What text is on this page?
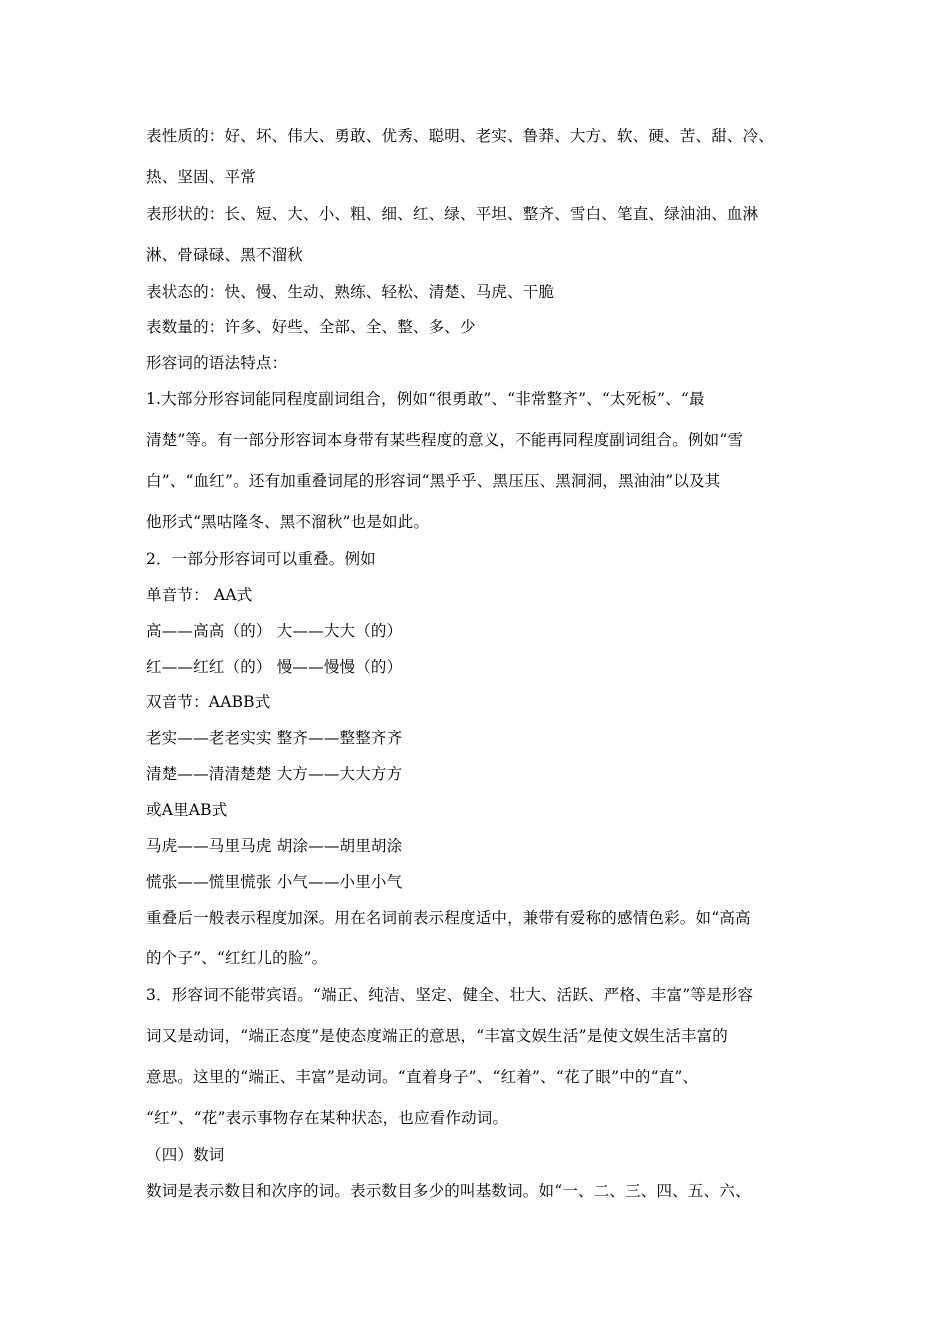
表性质的：好、坏、伟大、勇敢、优秀、聪明、老实、鲁莽、大方、软、硬、苦、甜、冷、
热、坚固、平常
表形状的：长、短、大、小、粗、细、红、绿、平坦、整齐、雪白、笔直、绿油油、血淋
淋、骨碌碌、黑不溜秋
表状态的：快、慢、生动、熟练、轻松、清楚、马虎、干脆
表数量的：许多、好些、全部、全、整、多、少
形容词的语法特点：
1.大部分形容词能同程度副词组合，例如“很勇敢”、“非常整齐”、“太死板”、“最
清楚”等。有一部分形容词本身带有某些程度的意义，不能再同程度副词组合。例如“雪
白”、“血红”。还有加重叠词尾的形容词“黑乎乎、黑压压、黑洞洞，黑油油”以及其
他形式“黑咕隆冬、黑不溜秋”也是如此。
2．一部分形容词可以重叠。例如
单音节： AA式
高——高高（的） 大——大大（的）
红——红红（的） 慢——慢慢（的）
双音节：AABB式
老实——老老实实 整齐——整整齐齐
清楚——清清楚楚 大方——大大方方
或A里AB式
马虎——马里马虎 胡涂——胡里胡涂
慌张——慌里慌张 小气——小里小气
重叠后一般表示程度加深。用在名词前表示程度适中，兼带有爱称的感情色彩。如“高高
的个子”、“红红儿的脸”。
3．形容词不能带宾语。“端正、纯洁、坚定、健全、壮大、活跃、严格、丰富”等是形容
词又是动词，“端正态度”是使态度端正的意思，“丰富文娱生活”是使文娱生活丰富的
意思。这里的“端正、丰富”是动词。“直着身子”、“红着”、“花了眼”中的“直”、
“红”、“花”表示事物存在某种状态，也应看作动词。
（四）数词
数词是表示数目和次序的词。表示数目多少的叫基数词。如“一、二、三、四、五、六、
